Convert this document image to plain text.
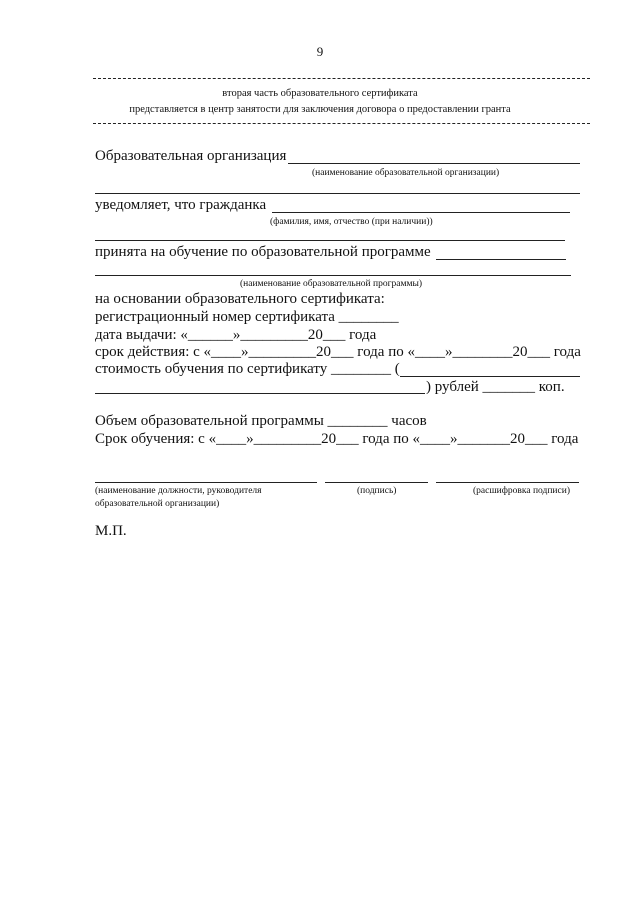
9
вторая часть образовательного сертификата
представляется в центр занятости для заключения договора о предоставлении гранта
Образовательная организация
(наименование образовательной организации)
уведомляет, что гражданка
(фамилия, имя, отчество (при наличии))
принята на обучение по образовательной программе
(наименование образовательной программы)
на основании образовательного сертификата:
регистрационный номер сертификата ________
дата выдачи: «______»_________20___ года
срок действия: с «____»_________20___ года по «____»________20___ года
стоимость обучения по сертификату ________ (
) рублей _______ коп.
Объем образовательной программы ________ часов
Срок обучения: с «____»_________20___ года по «____»_______20___ года
(наименование должности, руководителя
образовательной организации)
(подпись)	(расшифровка подписи)
М.П.
